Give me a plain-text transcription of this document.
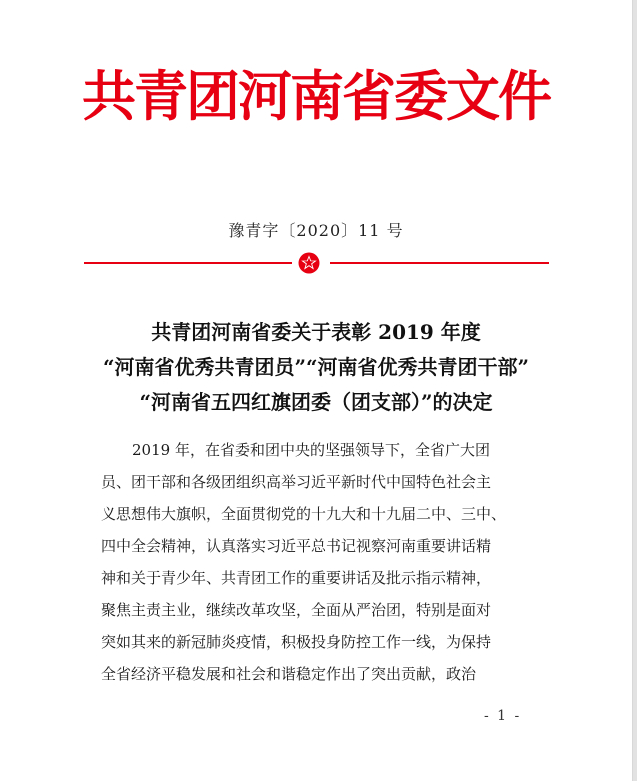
共青团河南省委文件
豫青字〔2020〕11 号
共青团河南省委关于表彰 2019 年度
“河南省优秀共青团员”“河南省优秀共青团干部”
“河南省五四红旗团委（团支部）”的决定
2019 年，在省委和团中央的坚强领导下，全省广大团
员、团干部和各级团组织高举习近平新时代中国特色社会主
义思想伟大旗帜，全面贯彻党的十九大和十九届二中、三中、
四中全会精神，认真落实习近平总书记视察河南重要讲话精
神和关于青少年、共青团工作的重要讲话及批示指示精神，
聚焦主责主业，继续改革攻坚，全面从严治团，特别是面对
突如其来的新冠肺炎疫情，积极投身防控工作一线，为保持
全省经济平稳发展和社会和谐稳定作出了突出贡献，政治
- 1 -
